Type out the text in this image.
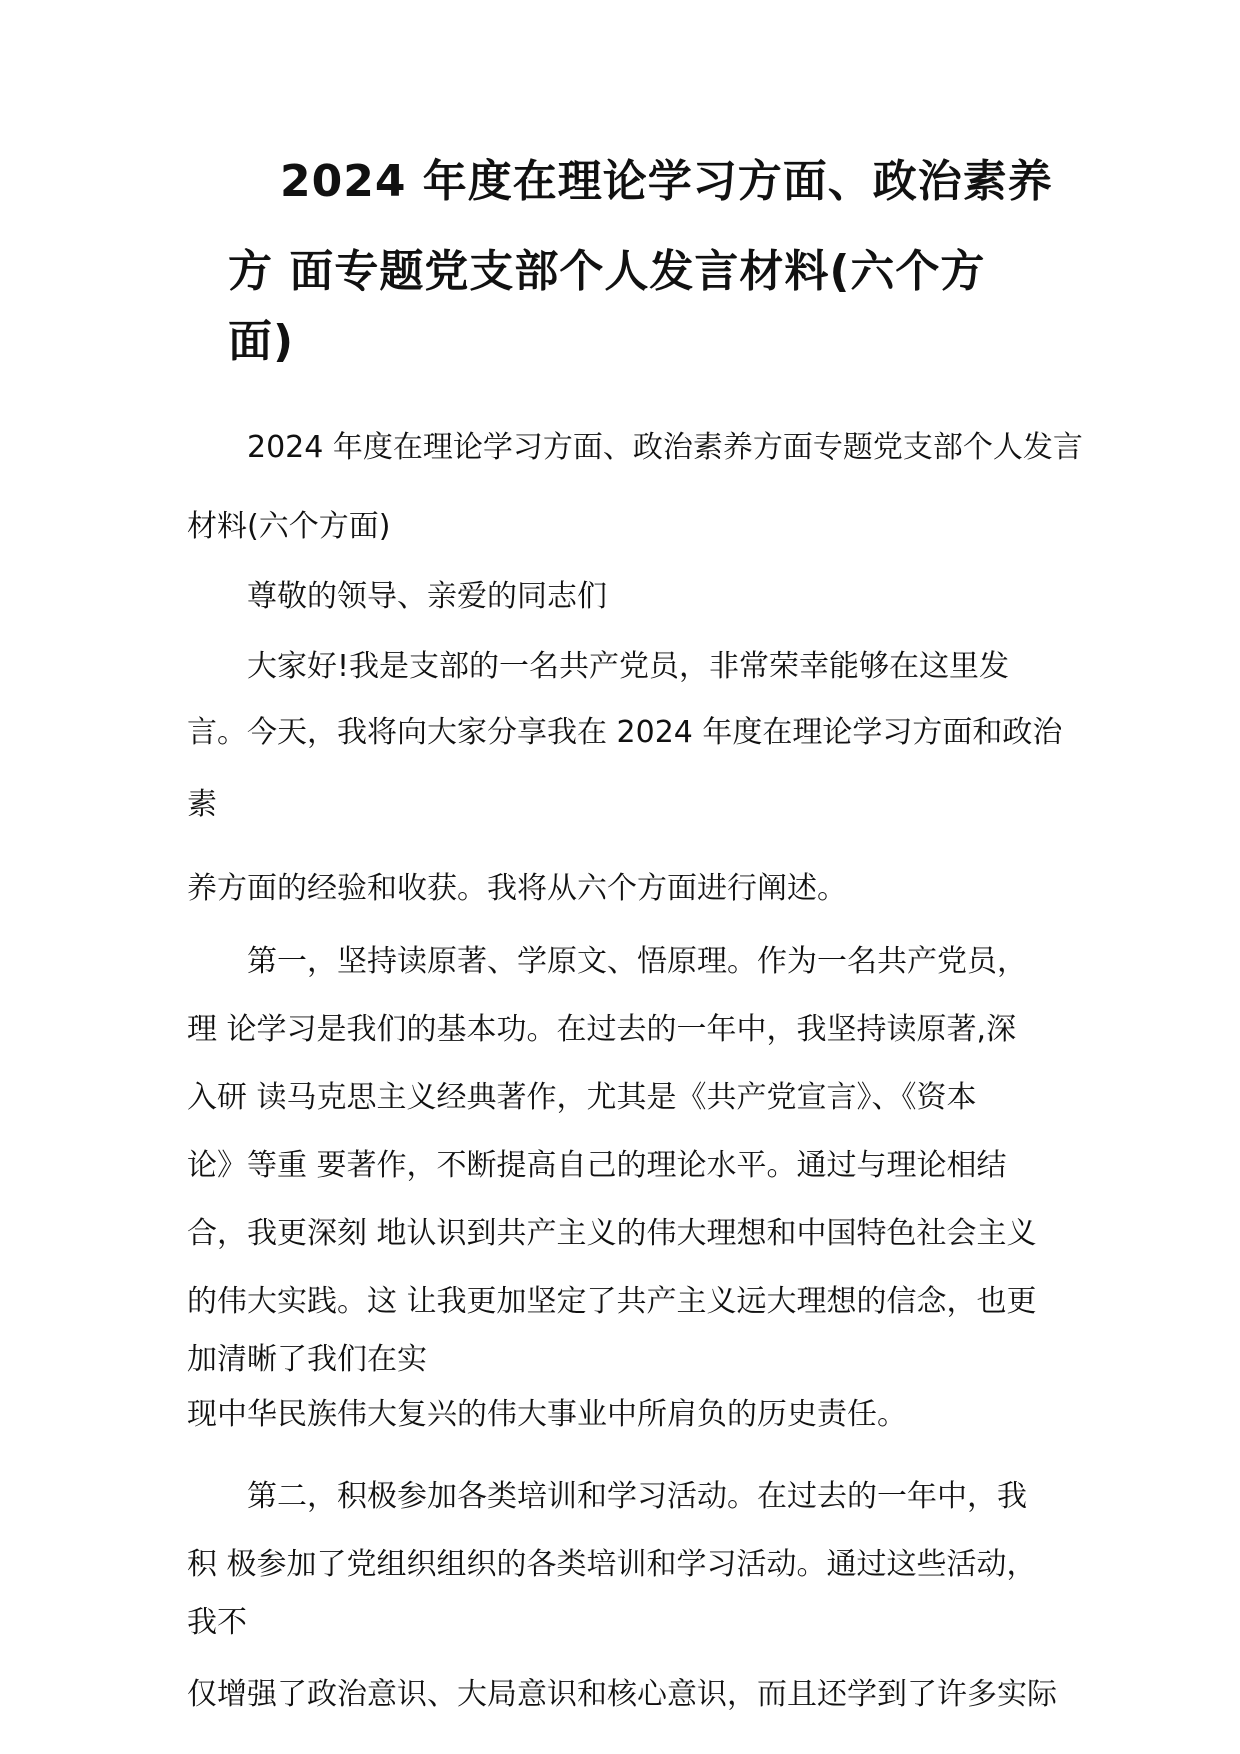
2024 年度在理论学习方面、政治素养
方 面专题党支部个人发言材料(六个方
面)

2024 年度在理论学习方面、政治素养方面专题党支部个人发言

材料(六个方面)

尊敬的领导、亲爱的同志们

大家好!我是支部的一名共产党员，非常荣幸能够在这里发

言。今天，我将向大家分享我在 2024 年度在理论学习方面和政治

素

养方面的经验和收获。我将从六个方面进行阐述。

第一，坚持读原著、学原文、悟原理。作为一名共产党员，

理 论学习是我们的基本功。在过去的一年中，我坚持读原著,深

入研 读马克思主义经典著作，尤其是《共产党宣言》、《资本

论》等重 要著作，不断提高自己的理论水平。通过与理论相结

合，我更深刻 地认识到共产主义的伟大理想和中国特色社会主义

的伟大实践。这 让我更加坚定了共产主义远大理想的信念，也更

加清晰了我们在实

现中华民族伟大复兴的伟大事业中所肩负的历史责任。

第二，积极参加各类培训和学习活动。在过去的一年中，我

积 极参加了党组织组织的各类培训和学习活动。通过这些活动，

我不

仅增强了政治意识、大局意识和核心意识，而且还学到了许多实际
